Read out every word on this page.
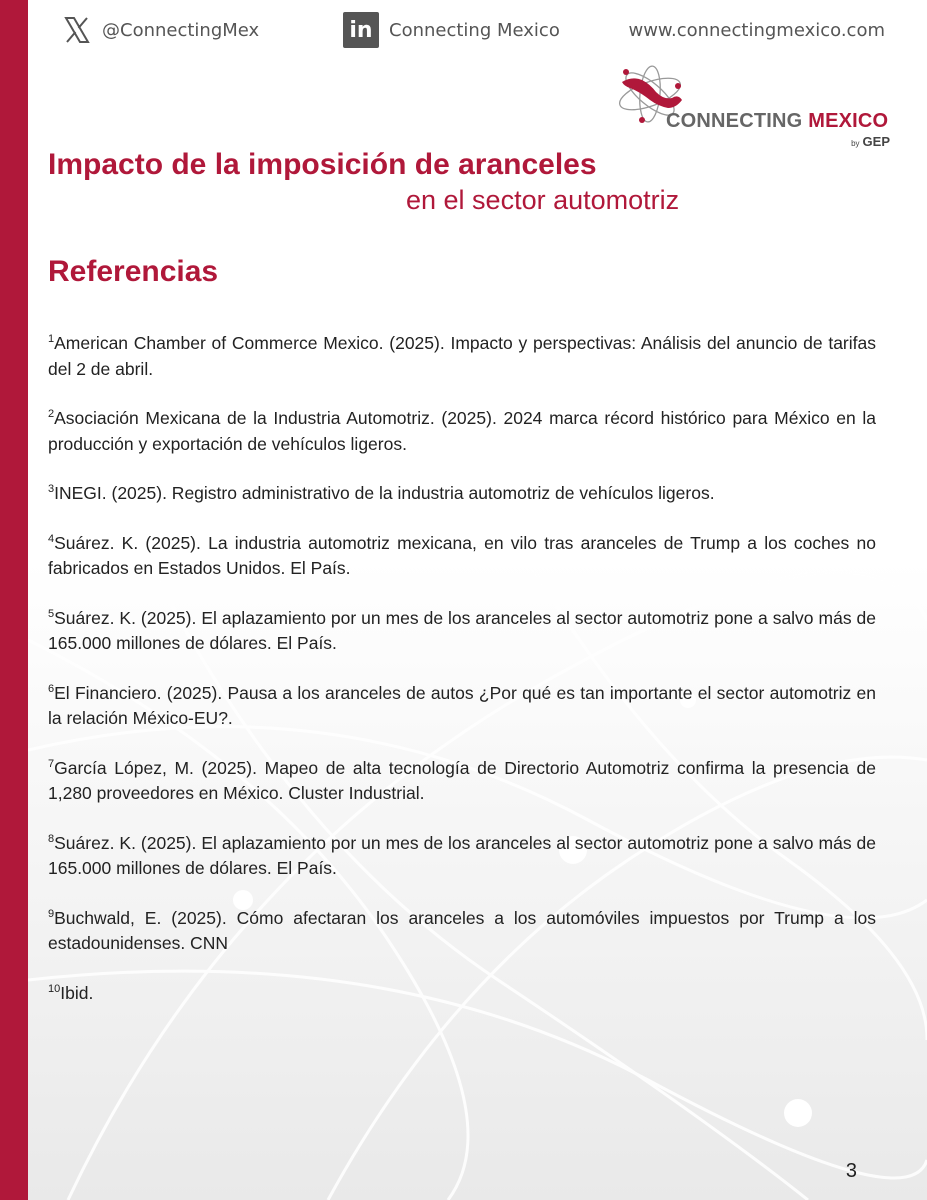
@ConnectingMex	in Connecting Mexico	www.connectingmexico.com
CONNECTING MEXICO
by GEP
Impacto de la imposición de aranceles
en el sector automotriz
Referencias

$^1$American Chamber of Commerce Mexico. (2025). Impacto y perspectivas: Análisis del anuncio de tarifas del 2 de abril.

$^2$Asociación Mexicana de la Industria Automotriz. (2025). 2024 marca récord histórico para México en la producción y exportación de vehículos ligeros.

$^3$INEGI. (2025). Registro administrativo de la industria automotriz de vehículos ligeros.

$^4$Suárez. K. (2025). La industria automotriz mexicana, en vilo tras aranceles de Trump a los coches no fabricados en Estados Unidos. El País.

$^5$Suárez. K. (2025). El aplazamiento por un mes de los aranceles al sector automotriz pone a salvo más de 165.000 millones de dólares. El País.

$^6$El Financiero. (2025). Pausa a los aranceles de autos ¿Por qué es tan importante el sector automotriz en la relación México-EU?.

$^7$García López, M. (2025). Mapeo de alta tecnología de Directorio Automotriz confirma la presencia de 1,280 proveedores en México. Cluster Industrial.

$^8$Suárez. K. (2025). El aplazamiento por un mes de los aranceles al sector automotriz pone a salvo más de 165.000 millones de dólares. El País.

$^9$Buchwald, E. (2025). Cómo afectaran los aranceles a los automóviles impuestos por Trump a los estadounidenses. CNN

$^{10}$Ibid.

3
